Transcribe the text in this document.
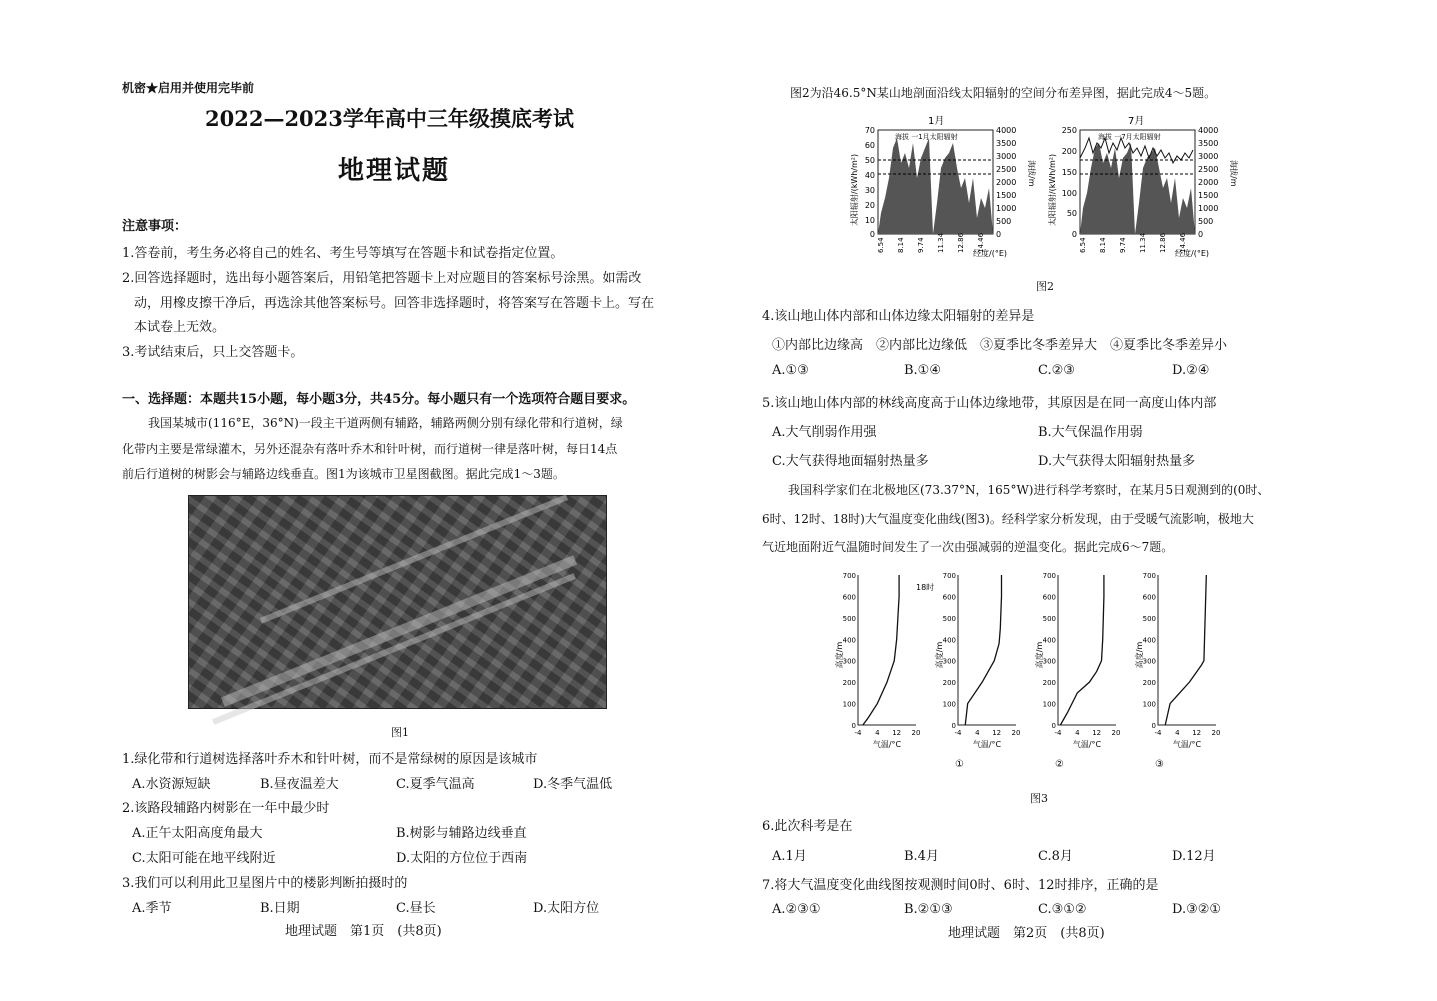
机密★启用并使用完毕前
2022—2023学年高中三年级摸底考试
地理试题
注意事项：
1.答卷前，考生务必将自己的姓名、考生号等填写在答题卡和试卷指定位置。
2.回答选择题时，选出每小题答案后，用铅笔把答题卡上对应题目的答案标号涂黑。如需改
动，用橡皮擦干净后，再选涂其他答案标号。回答非选择题时，将答案写在答题卡上。写在
本试卷上无效。
3.考试结束后，只上交答题卡。
一、选择题：本题共15小题，每小题3分，共45分。每小题只有一个选项符合题目要求。
我国某城市(116°E，36°N)一段主干道两侧有辅路，辅路两侧分别有绿化带和行道树，绿
化带内主要是常绿灌木，另外还混杂有落叶乔木和针叶树，而行道树一律是落叶树，每日14点
前后行道树的树影会与辅路边线垂直。图1为该城市卫星图截图。据此完成1～3题。
图1
1.绿化带和行道树选择落叶乔木和针叶树，而不是常绿树的原因是该城市
A.水资源短缺	B.昼夜温差大	C.夏季气温高	D.冬季气温低
2.该路段辅路内树影在一年中最少时
A.正午太阳高度角最大	B.树影与辅路边线垂直
C.太阳可能在地平线附近	D.太阳的方位位于西南
3.我们可以利用此卫星图片中的楼影判断拍摄时的
A.季节	B.日期	C.昼长	D.太阳方位
地理试题　第1页　(共8页)
图2为沿46.5°N某山地剖面沿线太阳辐射的空间分布差异图，据此完成4～5题。
1月
太阳辐射/(kWh/m²)
70
60
50
40
30
20
10
0
4000
3500
3000
2500
2000
1500
1000
500
0
海拔/m
海拔 一1月太阳辐射
6.54 8.14 9.74 11.34 12.86 14.46
经度/(°E)
7月
太阳辐射/(kWh/m²)
250
200
150
100
50
0
4000
3500
3000
2500
2000
1500
1000
500
0
海拔/m
海拔 一7月太阳辐射
6.54 8.14 9.74 11.34 12.86 14.46
经度/(°E)
图2
4.该山地山体内部和山体边缘太阳辐射的差异是
①内部比边缘高　②内部比边缘低　③夏季比冬季差异大　④夏季比冬季差异小
A.①③	B.①④	C.②③	D.②④
5.该山地山体内部的林线高度高于山体边缘地带，其原因是在同一高度山体内部
A.大气削弱作用强	B.大气保温作用弱
C.大气获得地面辐射热量多	D.大气获得太阳辐射热量多
我国科学家们在北极地区(73.37°N，165°W)进行科学考察时，在某月5日观测到的(0时、
6时、12时、18时)大气温度变化曲线(图3)。经科学家分析发现，由于受暖气流影响，极地大
气近地面附近气温随时间发生了一次由强减弱的逆温变化。据此完成6～7题。
18时
①	②	③
700
600
500
400
300
200
100
0
-4 4 12 20
高度/m
气温/°C
700
600
500
400
300
200
100
0
-4 4 12 20
高度/m
气温/°C
700
600
500
400
300
200
100
0
-4 4 12 20
高度/m
气温/°C
700
600
500
400
300
200
100
0
-4 4 12 20
高度/m
气温/°C
图3
6.此次科考是在
A.1月	B.4月	C.8月	D.12月
7.将大气温度变化曲线图按观测时间0时、6时、12时排序，正确的是
A.②③①	B.②①③	C.③①②	D.③②①
地理试题　第2页　(共8页)
